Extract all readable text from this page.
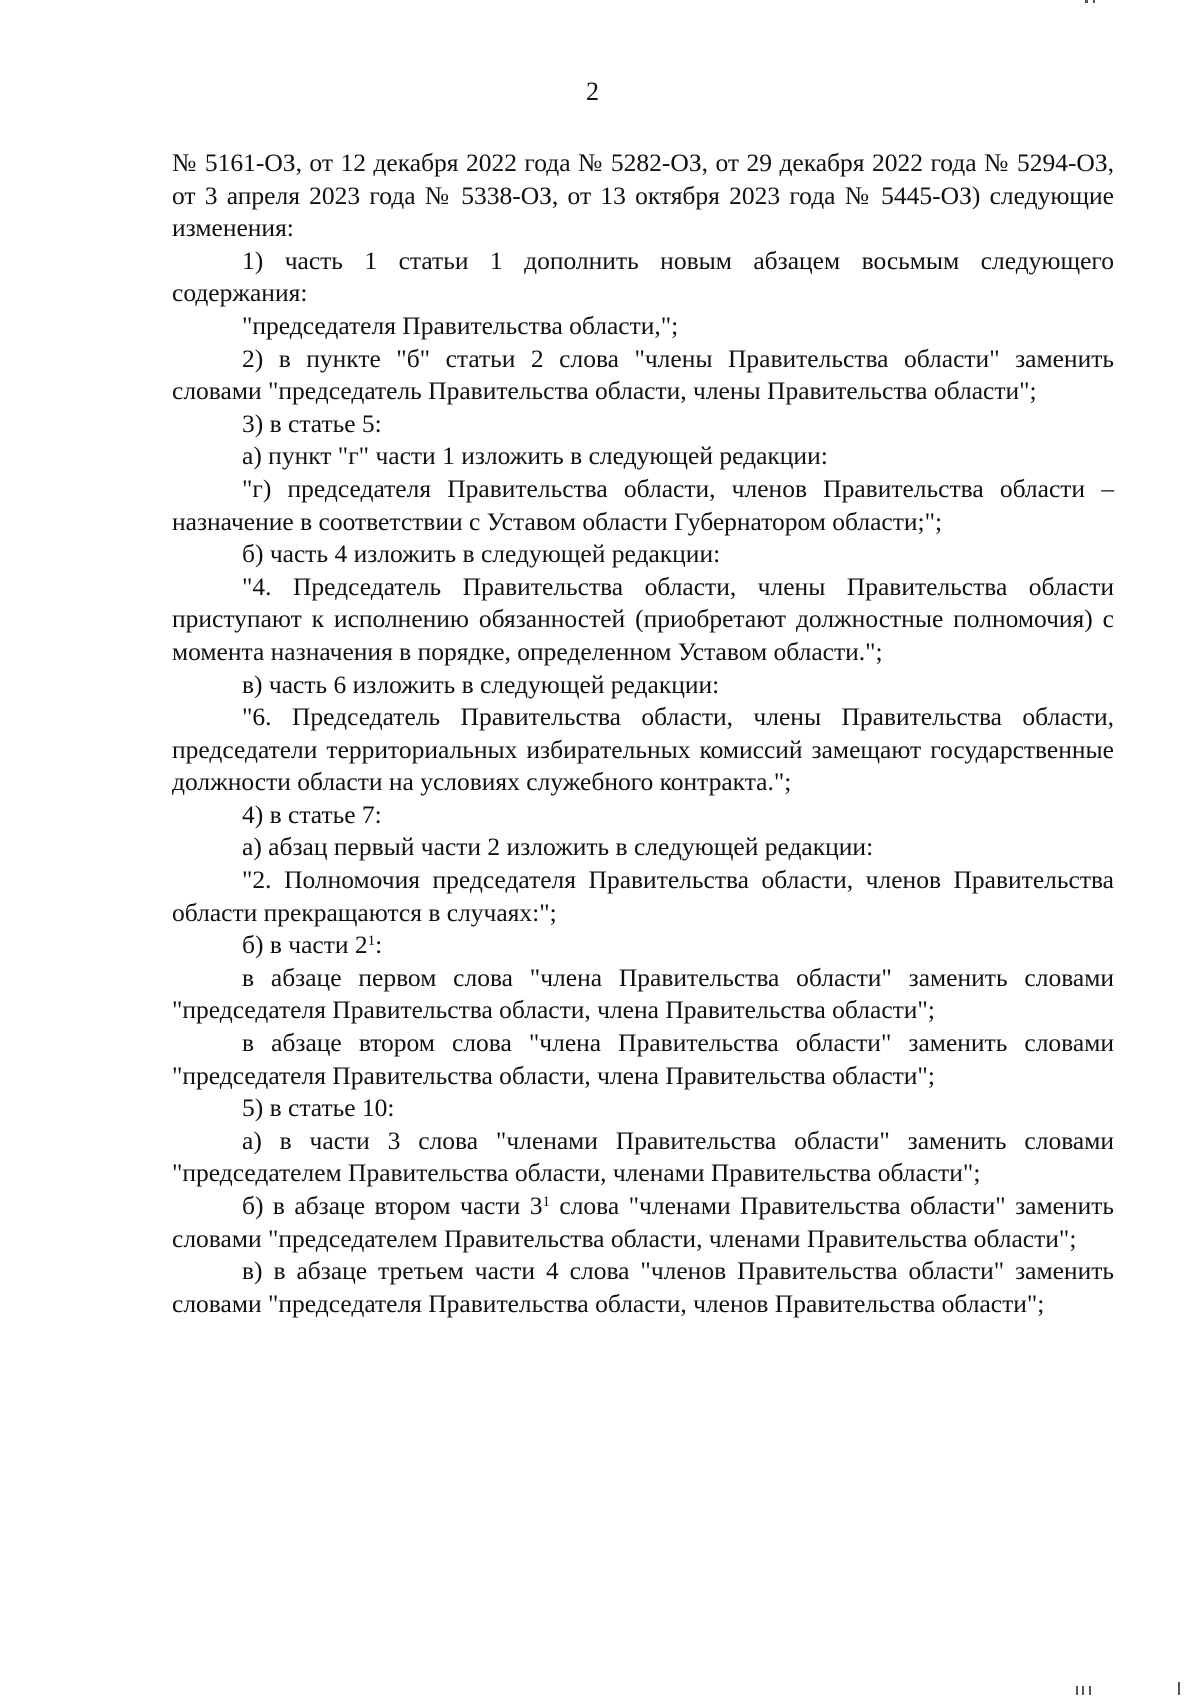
2

№ 5161-ОЗ, от 12 декабря 2022 года № 5282-ОЗ, от 29 декабря 2022 года № 5294-ОЗ, от 3 апреля 2023 года № 5338-ОЗ, от 13 октября 2023 года № 5445-ОЗ) следующие изменения:

1) часть 1 статьи 1 дополнить новым абзацем восьмым следующего содержания:

"председателя Правительства области,";

2) в пункте "б" статьи 2 слова "члены Правительства области" заменить словами "председатель Правительства области, члены Правительства области";

3) в статье 5:

а) пункт "г" части 1 изложить в следующей редакции:

"г) председателя Правительства области, членов Правительства области – назначение в соответствии с Уставом области Губернатором области;";

б) часть 4 изложить в следующей редакции:

"4. Председатель Правительства области, члены Правительства области приступают к исполнению обязанностей (приобретают должностные полномочия) с момента назначения в порядке, определенном Уставом области.";

в) часть 6 изложить в следующей редакции:

"6. Председатель Правительства области, члены Правительства области, председатели территориальных избирательных комиссий замещают государственные должности области на условиях служебного контракта.";

4) в статье 7:

а) абзац первый части 2 изложить в следующей редакции:

"2. Полномочия председателя Правительства области, членов Правительства области прекращаются в случаях:";

б) в части $2^1$:

в абзаце первом слова "члена Правительства области" заменить словами "председателя Правительства области, члена Правительства области";

в абзаце втором слова "члена Правительства области" заменить словами "председателя Правительства области, члена Правительства области";

5) в статье 10:

а) в части 3 слова "членами Правительства области" заменить словами "председателем Правительства области, членами Правительства области";

б) в абзаце втором части $3^1$ слова "членами Правительства области" заменить словами "председателем Правительства области, членами Правительства области";

в) в абзаце третьем части 4 слова "членов Правительства области" заменить словами "председателя Правительства области, членов Правительства области";
